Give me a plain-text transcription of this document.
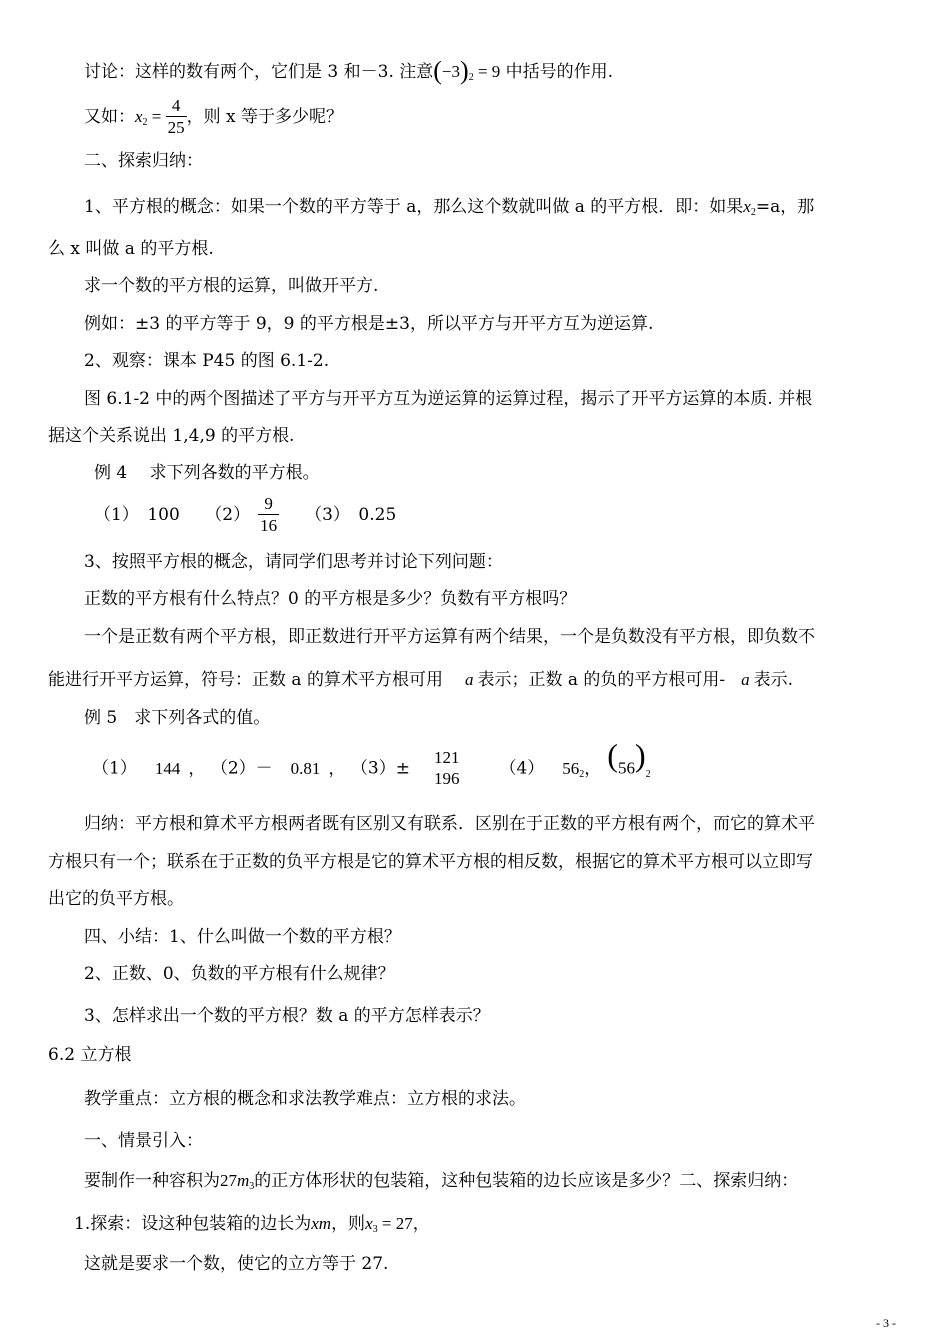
讨论：这样的数有两个，它们是 3 和－3. 注意(−3)2 = 9 中括号的作用.
又如：$x2 = \frac{4}{25}$ ，则 x 等于多少呢？
二、探索归纳：
1、平方根的概念：如果一个数的平方等于 a，那么这个数就叫做 a 的平方根．即：如果x2=a，那
么 x 叫做 a 的平方根.
求一个数的平方根的运算，叫做开平方.
例如：±3 的平方等于 9，9 的平方根是±3，所以平方与开平方互为逆运算.
2、观察：课本 P45 的图 6.1-2.
图 6.1-2 中的两个图描述了平方与开平方互为逆运算的运算过程，揭示了开平方运算的本质. 并根
据这个关系说出 1,4,9 的平方根.
例 4　 求下列各数的平方根。
（1）　100　　$(2) \frac{9}{16} (3)$　0.25
3、按照平方根的概念，请同学们思考并讨论下列问题：
正数的平方根有什么特点？0 的平方根是多少？负数有平方根吗？
一个是正数有两个平方根，即正数进行开平方运算有两个结果，一个是负数没有平方根，即负数不
能进行开平方运算，符号：正数 a 的算术平方根可用 a 表示；正数 a 的负的平方根可用- a 表示.
例 5　求下列各式的值。
（1） 144 ， （2）－ 0.81 ， （3）±
121
196 （4） 562， (56)2
归纳：平方根和算术平方根两者既有区别又有联系．区别在于正数的平方根有两个，而它的算术平
方根只有一个；联系在于正数的负平方根是它的算术平方根的相反数，根据它的算术平方根可以立即写
出它的负平方根。
四、小结：1、什么叫做一个数的平方根？
2、正数、0、负数的平方根有什么规律？
3、怎样求出一个数的平方根？数 a 的平方怎样表示？
6.2 立方根
教学重点：立方根的概念和求法教学难点：立方根的求法。
一、情景引入：
要制作一种容积为27m3的正方体形状的包装箱，这种包装箱的边长应该是多少？二、探索归纳：
1.探索：设这种包装箱的边长为xm，则x3 = 27，
这就是要求一个数，使它的立方等于 27.
- 3 -
